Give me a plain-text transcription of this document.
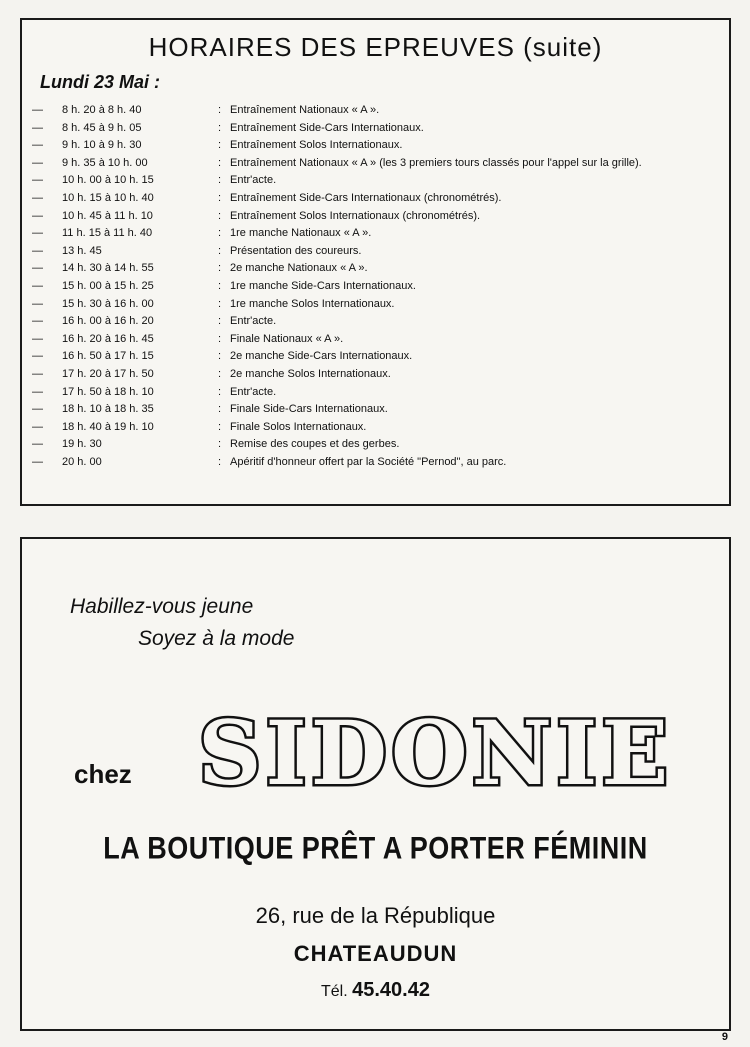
HORAIRES DES EPREUVES (suite)
Lundi 23 Mai :
— 8 h. 20 à 8 h. 40	: Entraînement Nationaux « A ».
— 8 h. 45 à 9 h. 05	: Entraînement Side-Cars Internationaux.
— 9 h. 10 à 9 h. 30	: Entraînement Solos Internationaux.
— 9 h. 35 à 10 h. 00	: Entraînement Nationaux « A » (les 3 premiers tours classés pour l'appel sur la grille).
— 10 h. 00 à 10 h. 15	: Entr'acte.
— 10 h. 15 à 10 h. 40	: Entraînement Side-Cars Internationaux (chronométrés).
— 10 h. 45 à 11 h. 10	: Entraînement Solos Internationaux (chronométrés).
— 11 h. 15 à 11 h. 40	: 1re manche Nationaux « A ».
— 13 h. 45	: Présentation des coureurs.
— 14 h. 30 à 14 h. 55	: 2e manche Nationaux « A ».
— 15 h. 00 à 15 h. 25	: 1re manche Side-Cars Internationaux.
— 15 h. 30 à 16 h. 00	: 1re manche Solos Internationaux.
— 16 h. 00 à 16 h. 20	: Entr'acte.
— 16 h. 20 à 16 h. 45	: Finale Nationaux « A ».
— 16 h. 50 à 17 h. 15	: 2e manche Side-Cars Internationaux.
— 17 h. 20 à 17 h. 50	: 2e manche Solos Internationaux.
— 17 h. 50 à 18 h. 10	: Entr'acte.
— 18 h. 10 à 18 h. 35	: Finale Side-Cars Internationaux.
— 18 h. 40 à 19 h. 10	: Finale Solos Internationaux.
— 19 h. 30	: Remise des coupes et des gerbes.
— 20 h. 00	: Apéritif d'honneur offert par la Société "Pernod", au parc.
Habillez-vous jeune
Soyez à la mode
chez SIDONIE
LA BOUTIQUE PRÊT A PORTER FÉMININ
26, rue de la République
CHATEAUDUN
Tél. 45.40.42
9
